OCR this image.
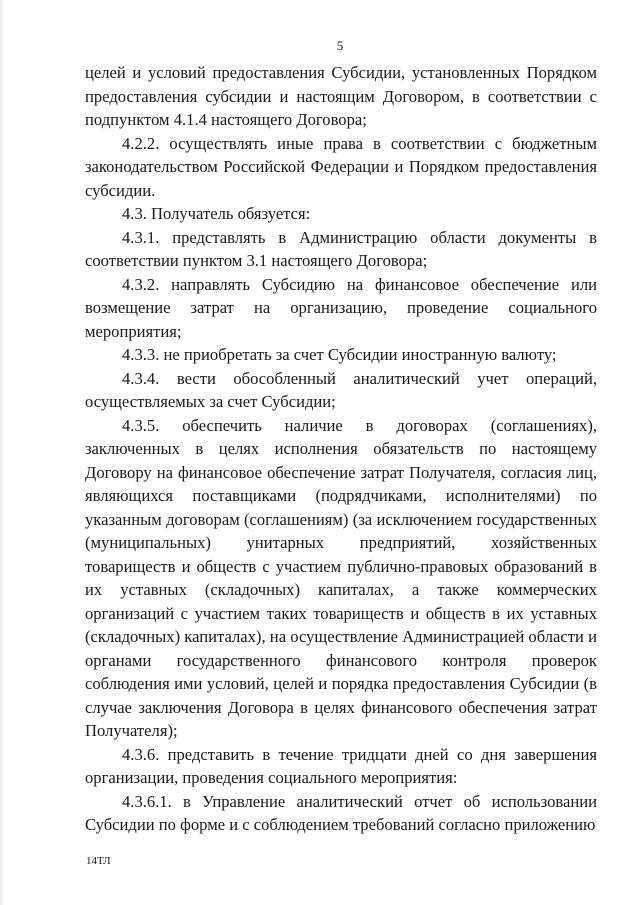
5

целей и условий предоставления Субсидии, установленных Порядком предоставления субсидии и настоящим Договором, в соответствии с подпунктом 4.1.4 настоящего Договора;

4.2.2. осуществлять иные права в соответствии с бюджетным законодательством Российской Федерации и Порядком предоставления субсидии.

4.3. Получатель обязуется:

4.3.1. представлять в Администрацию области документы в соответствии пунктом 3.1 настоящего Договора;

4.3.2. направлять Субсидию на финансовое обеспечение или возмещение затрат на организацию, проведение социального мероприятия;

4.3.3. не приобретать за счет Субсидии иностранную валюту;

4.3.4. вести обособленный аналитический учет операций, осуществляемых за счет Субсидии;

4.3.5. обеспечить наличие в договорах (соглашениях), заключенных в целях исполнения обязательств по настоящему Договору на финансовое обеспечение затрат Получателя, согласия лиц, являющихся поставщиками (подрядчиками, исполнителями) по указанным договорам (соглашениям) (за исключением государственных (муниципальных) унитарных предприятий, хозяйственных товариществ и обществ с участием публично-правовых образований в их уставных (складочных) капиталах, а также коммерческих организаций с участием таких товариществ и обществ в их уставных (складочных) капиталах), на осуществление Администрацией области и органами государственного финансового контроля проверок соблюдения ими условий, целей и порядка предоставления Субсидии (в случае заключения Договора в целях финансового обеспечения затрат Получателя);

4.3.6. представить в течение тридцати дней со дня завершения организации, проведения социального мероприятия:

4.3.6.1. в Управление аналитический отчет об использовании Субсидии по форме и с соблюдением требований согласно приложению

14ТЛ
